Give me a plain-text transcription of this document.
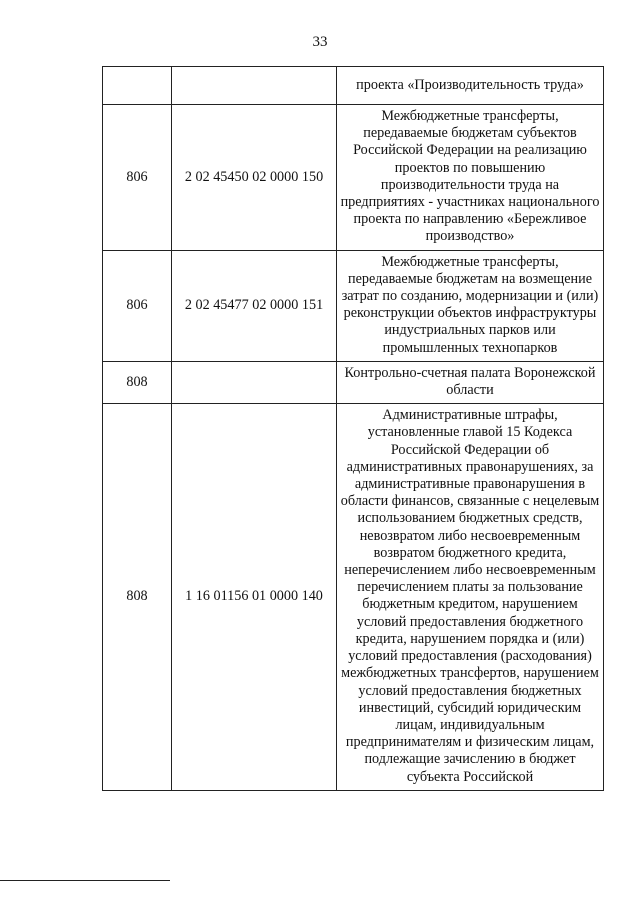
33
		проекта «Производительность труда»
806	2 02 45450 02 0000 150	Межбюджетные трансферты, передаваемые бюджетам субъектов Российской Федерации на реализацию проектов по повышению производительности труда на предприятиях - участниках национального проекта по направлению «Бережливое производство»
806	2 02 45477 02 0000 151	Межбюджетные трансферты, передаваемые бюджетам на возмещение затрат по созданию, модернизации и (или) реконструкции объектов инфраструктуры индустриальных парков или промышленных технопарков
808		Контрольно-счетная палата Воронежской области
808	1 16 01156 01 0000 140	Административные штрафы, установленные главой 15 Кодекса Российской Федерации об административных правонарушениях, за административные правонарушения в области финансов, связанные с нецелевым использованием бюджетных средств, невозвратом либо несвоевременным возвратом бюджетного кредита, неперечислением либо несвоевременным перечислением платы за пользование бюджетным кредитом, нарушением условий предоставления бюджетного кредита, нарушением порядка и (или) условий предоставления (расходования) межбюджетных трансфертов, нарушением условий предоставления бюджетных инвестиций, субсидий юридическим лицам, индивидуальным предпринимателям и физическим лицам, подлежащие зачислению в бюджет субъекта Российской
